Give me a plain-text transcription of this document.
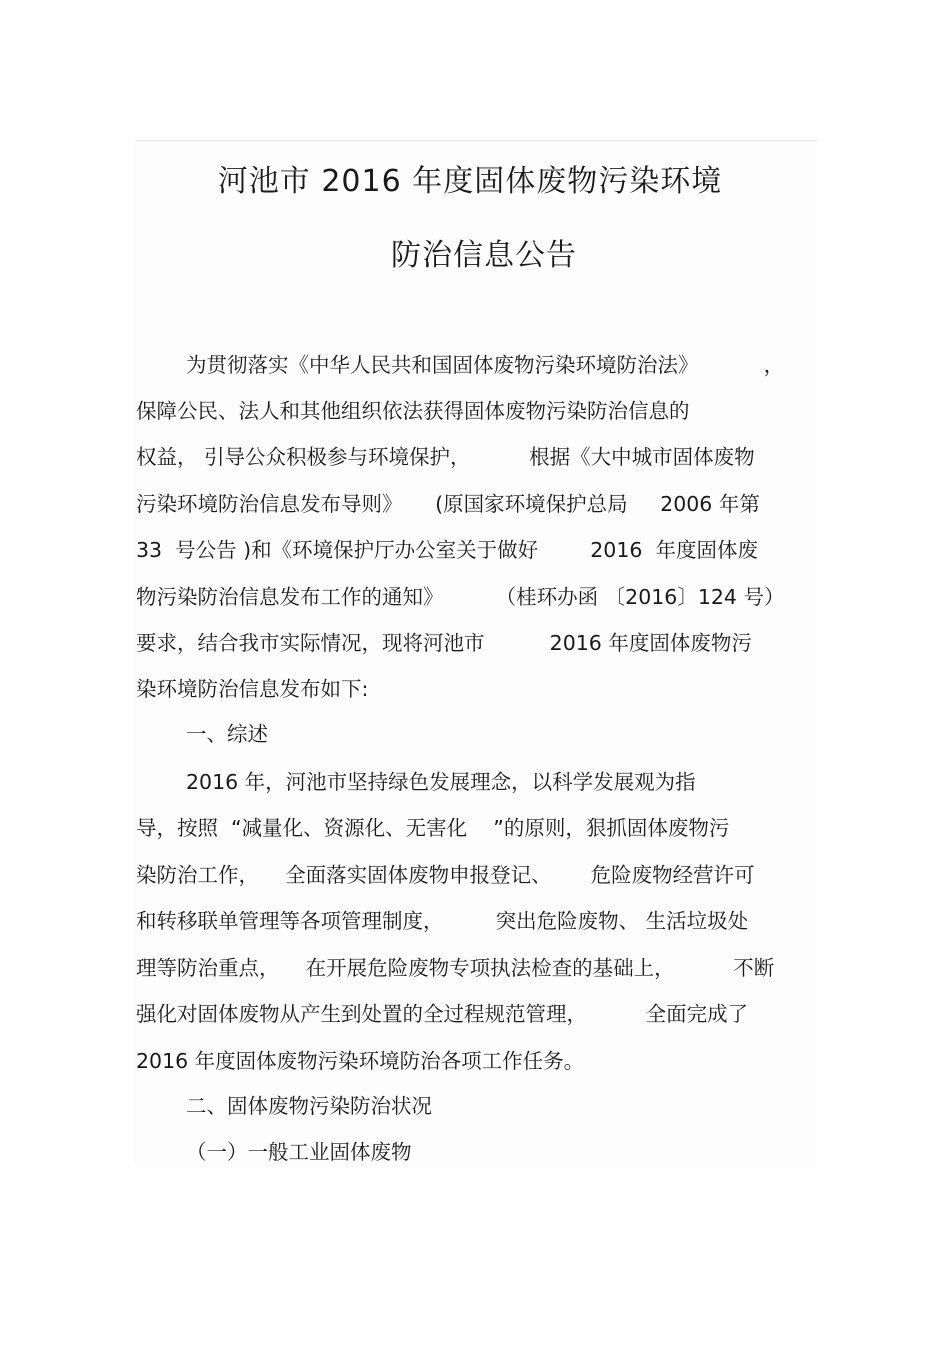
河池市 2016 年度固体废物污染环境
防治信息公告
为贯彻落实《中华人民共和国固体废物污染环境防治法》          ，
保障公民、法人和其他组织依法获得固体废物污染防治信息的
权益， 引导公众积极参与环境保护，         根据《大中城市固体废物
污染环境防治信息发布导则》     (原国家环境保护总局     2006 年第
33  号公告 )和《环境保护厅办公室关于做好        2016  年度固体废
物污染防治信息发布工作的通知》        （桂环办函 〔2016〕124 号）
要求，结合我市实际情况，现将河池市          2016 年度固体废物污
染环境防治信息发布如下:
一、综述
2016 年，河池市坚持绿色发展理念，以科学发展观为指
导，按照  “减量化、资源化、无害化    ”的原则，狠抓固体废物污
染防治工作，    全面落实固体废物申报登记、      危险废物经营许可
和转移联单管理等各项管理制度，        突出危险废物、 生活垃圾处
理等防治重点，    在开展危险废物专项执法检查的基础上，         不断
强化对固体废物从产生到处置的全过程规范管理，         全面完成了
2016 年度固体废物污染环境防治各项工作任务。
二、固体废物污染防治状况
（一）一般工业固体废物
